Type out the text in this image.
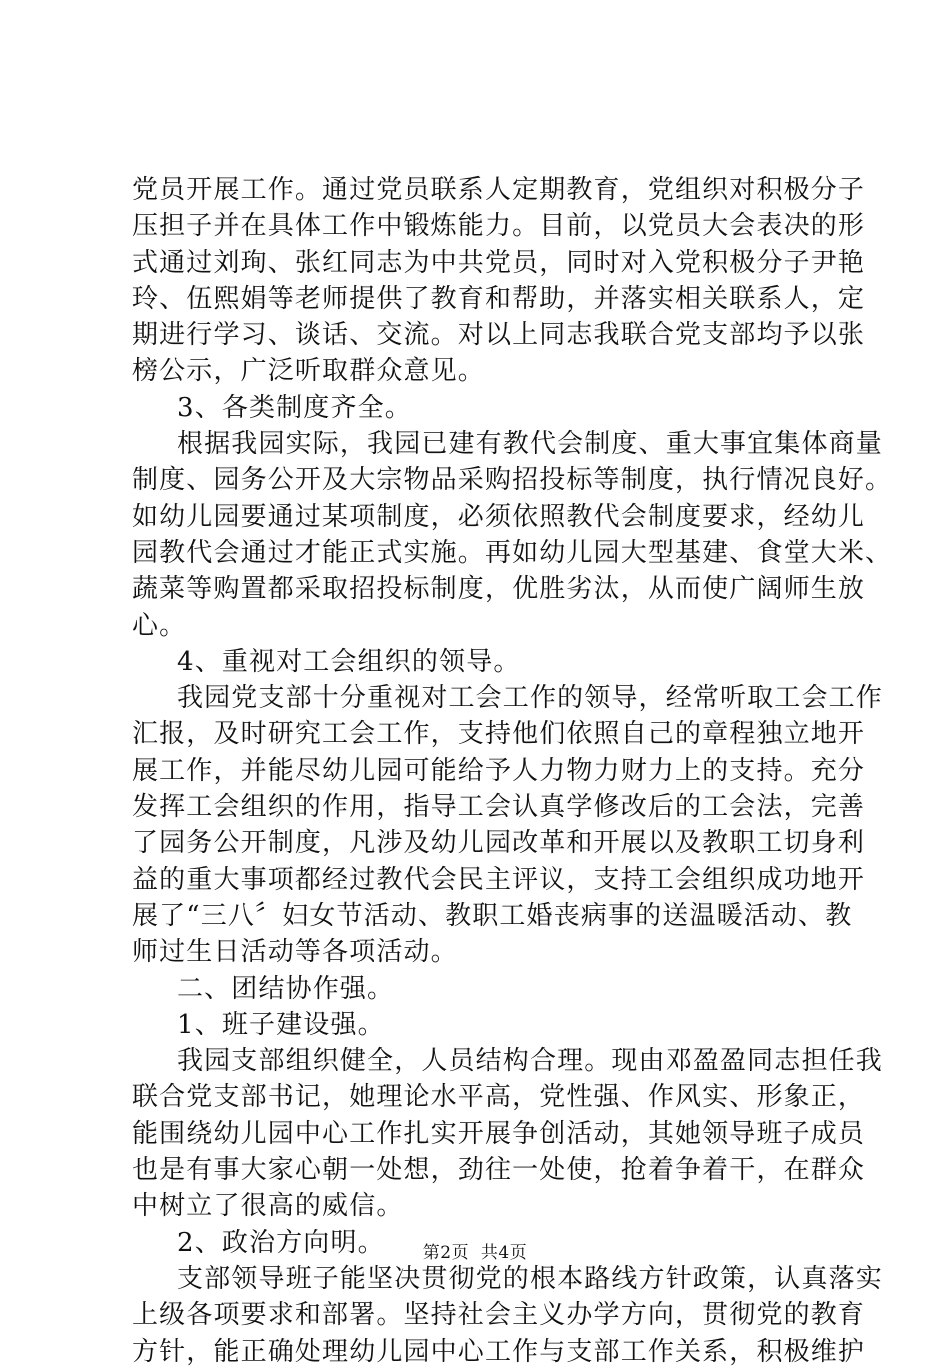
党员开展工作。通过党员联系人定期教育，党组织对积极分子
压担子并在具体工作中锻炼能力。目前，以党员大会表决的形
式通过刘珣、张红同志为中共党员，同时对入党积极分子尹艳
玲、伍熙娟等老师提供了教育和帮助，并落实相关联系人，定
期进行学习、谈话、交流。对以上同志我联合党支部均予以张
榜公示，广泛听取群众意见。
3、各类制度齐全。
根据我园实际，我园已建有教代会制度、重大事宜集体商量
制度、园务公开及大宗物品采购招投标等制度，执行情况良好。
如幼儿园要通过某项制度，必须依照教代会制度要求，经幼儿
园教代会通过才能正式实施。再如幼儿园大型基建、食堂大米、
蔬菜等购置都采取招投标制度，优胜劣汰，从而使广阔师生放
心。
4、重视对工会组织的领导。
我园党支部十分重视对工会工作的领导，经常听取工会工作
汇报，及时研究工会工作，支持他们依照自己的章程独立地开
展工作，并能尽幼儿园可能给予人力物力财力上的支持。充分
发挥工会组织的作用，指导工会认真学修改后的工会法，完善
了园务公开制度，凡涉及幼儿园改革和开展以及教职工切身利
益的重大事项都经过教代会民主评议，支持工会组织成功地开
展了“三八〞妇女节活动、教职工婚丧病事的送温暖活动、教
师过生日活动等各项活动。
二、团结协作强。
1、班子建设强。
我园支部组织健全，人员结构合理。现由邓盈盈同志担任我
联合党支部书记，她理论水平高，党性强、作风实、形象正，
能围绕幼儿园中心工作扎实开展争创活动，其她领导班子成员
也是有事大家心朝一处想，劲往一处使，抢着争着干，在群众
中树立了很高的威信。
2、政治方向明。
支部领导班子能坚决贯彻党的根本路线方针政策，认真落实
上级各项要求和部署。坚持社会主义办学方向，贯彻党的教育
方针，能正确处理幼儿园中心工作与支部工作关系，积极维护
第2页  共4页
